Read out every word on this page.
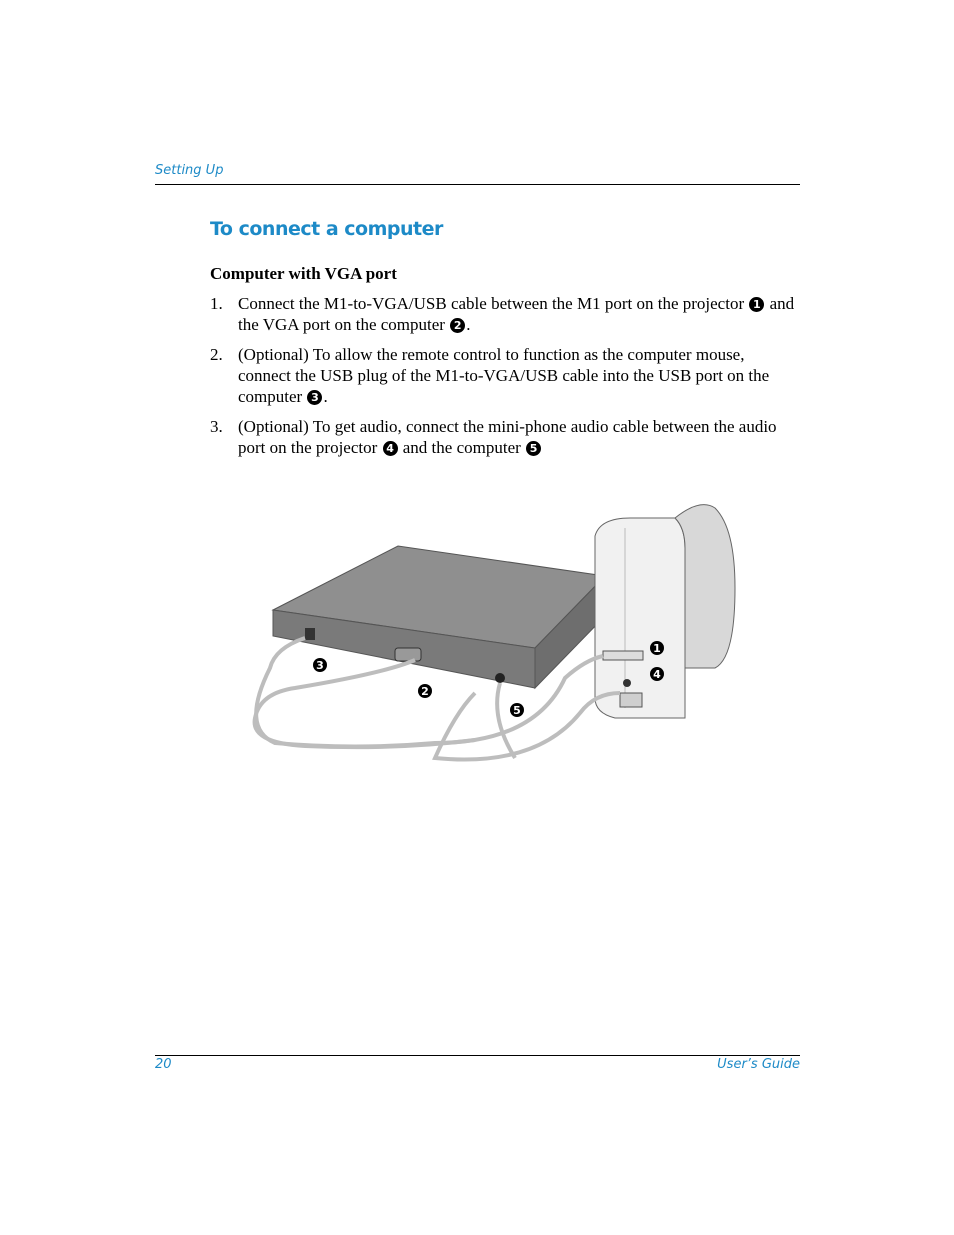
Setting Up
To connect a computer
Computer with VGA port
1. Connect the M1-to-VGA/USB cable between the M1 port on the projector 1 and
the VGA port on the computer 2 .
2. (Optional) To allow the remote control to function as the computer mouse,
connect the USB plug of the M1-to-VGA/USB cable into the USB port on the
computer 3 .
3. (Optional) To get audio, connect the mini-phone audio cable between the audio
port on the projector 4 and the computer 5
1
2
3
4
5
20	User’s Guide
